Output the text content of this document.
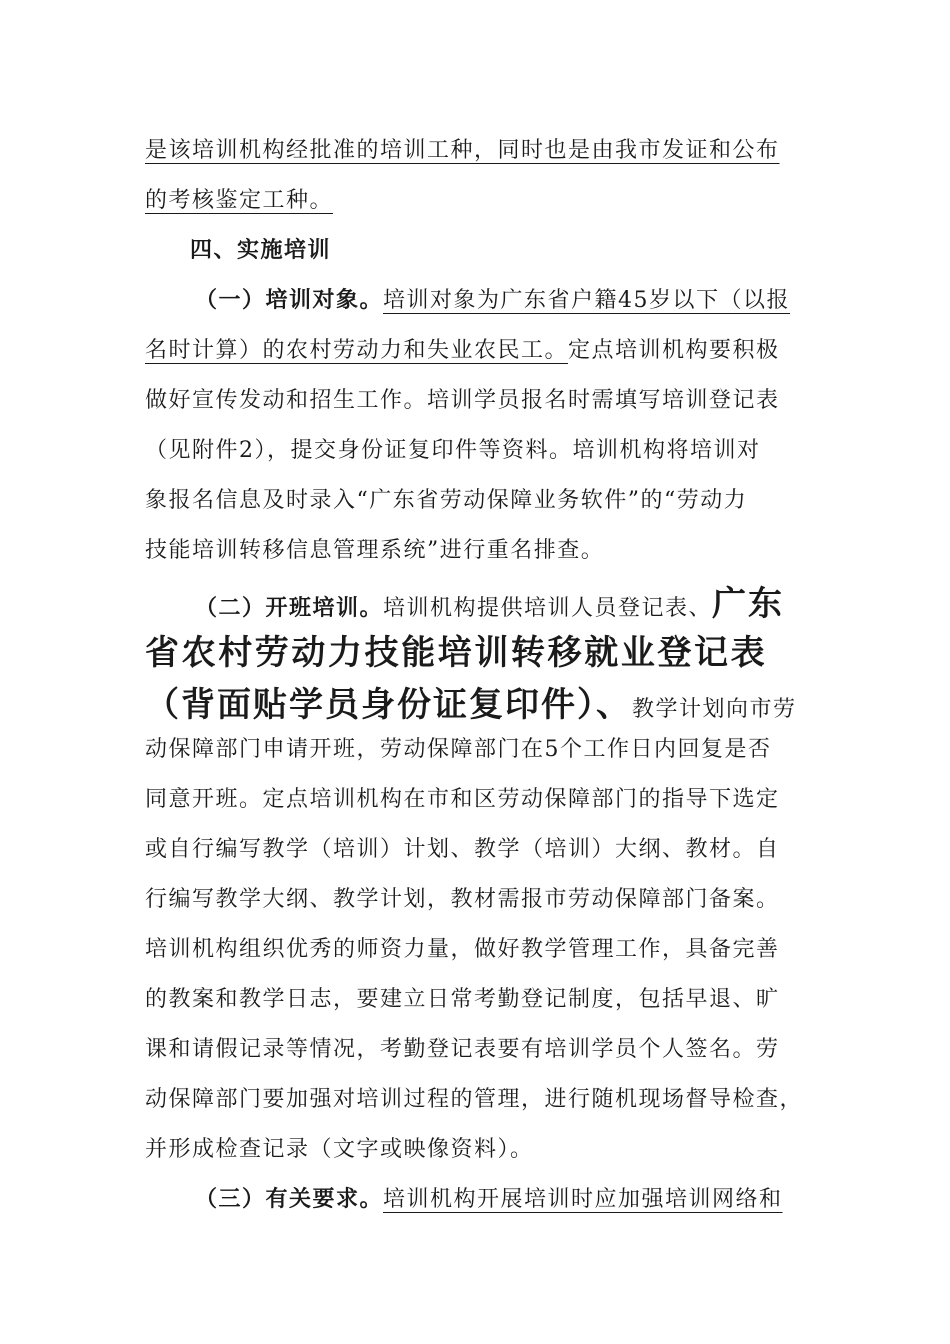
是该培训机构经批准的培训工种，同时也是由我市发证和公布
的考核鉴定工种。
四、实施培训
（一）培训对象。培训对象为广东省户籍45岁以下（以报
名时计算）的农村劳动力和失业农民工。定点培训机构要积极
做好宣传发动和招生工作。培训学员报名时需填写培训登记表
（见附件2），提交身份证复印件等资料。培训机构将培训对
象报名信息及时录入“广东省劳动保障业务软件”的“劳动力
技能培训转移信息管理系统”进行重名排查。
（二）开班培训。培训机构提供培训人员登记表、广东
省农村劳动力技能培训转移就业登记表
（背面贴学员身份证复印件）、教学计划向市劳
动保障部门申请开班，劳动保障部门在5个工作日内回复是否
同意开班。定点培训机构在市和区劳动保障部门的指导下选定
或自行编写教学（培训）计划、教学（培训）大纲、教材。自
行编写教学大纲、教学计划，教材需报市劳动保障部门备案。
培训机构组织优秀的师资力量，做好教学管理工作，具备完善
的教案和教学日志，要建立日常考勤登记制度，包括早退、旷
课和请假记录等情况，考勤登记表要有培训学员个人签名。劳
动保障部门要加强对培训过程的管理，进行随机现场督导检查，
并形成检查记录（文字或映像资料）。
（三）有关要求。培训机构开展培训时应加强培训网络和
